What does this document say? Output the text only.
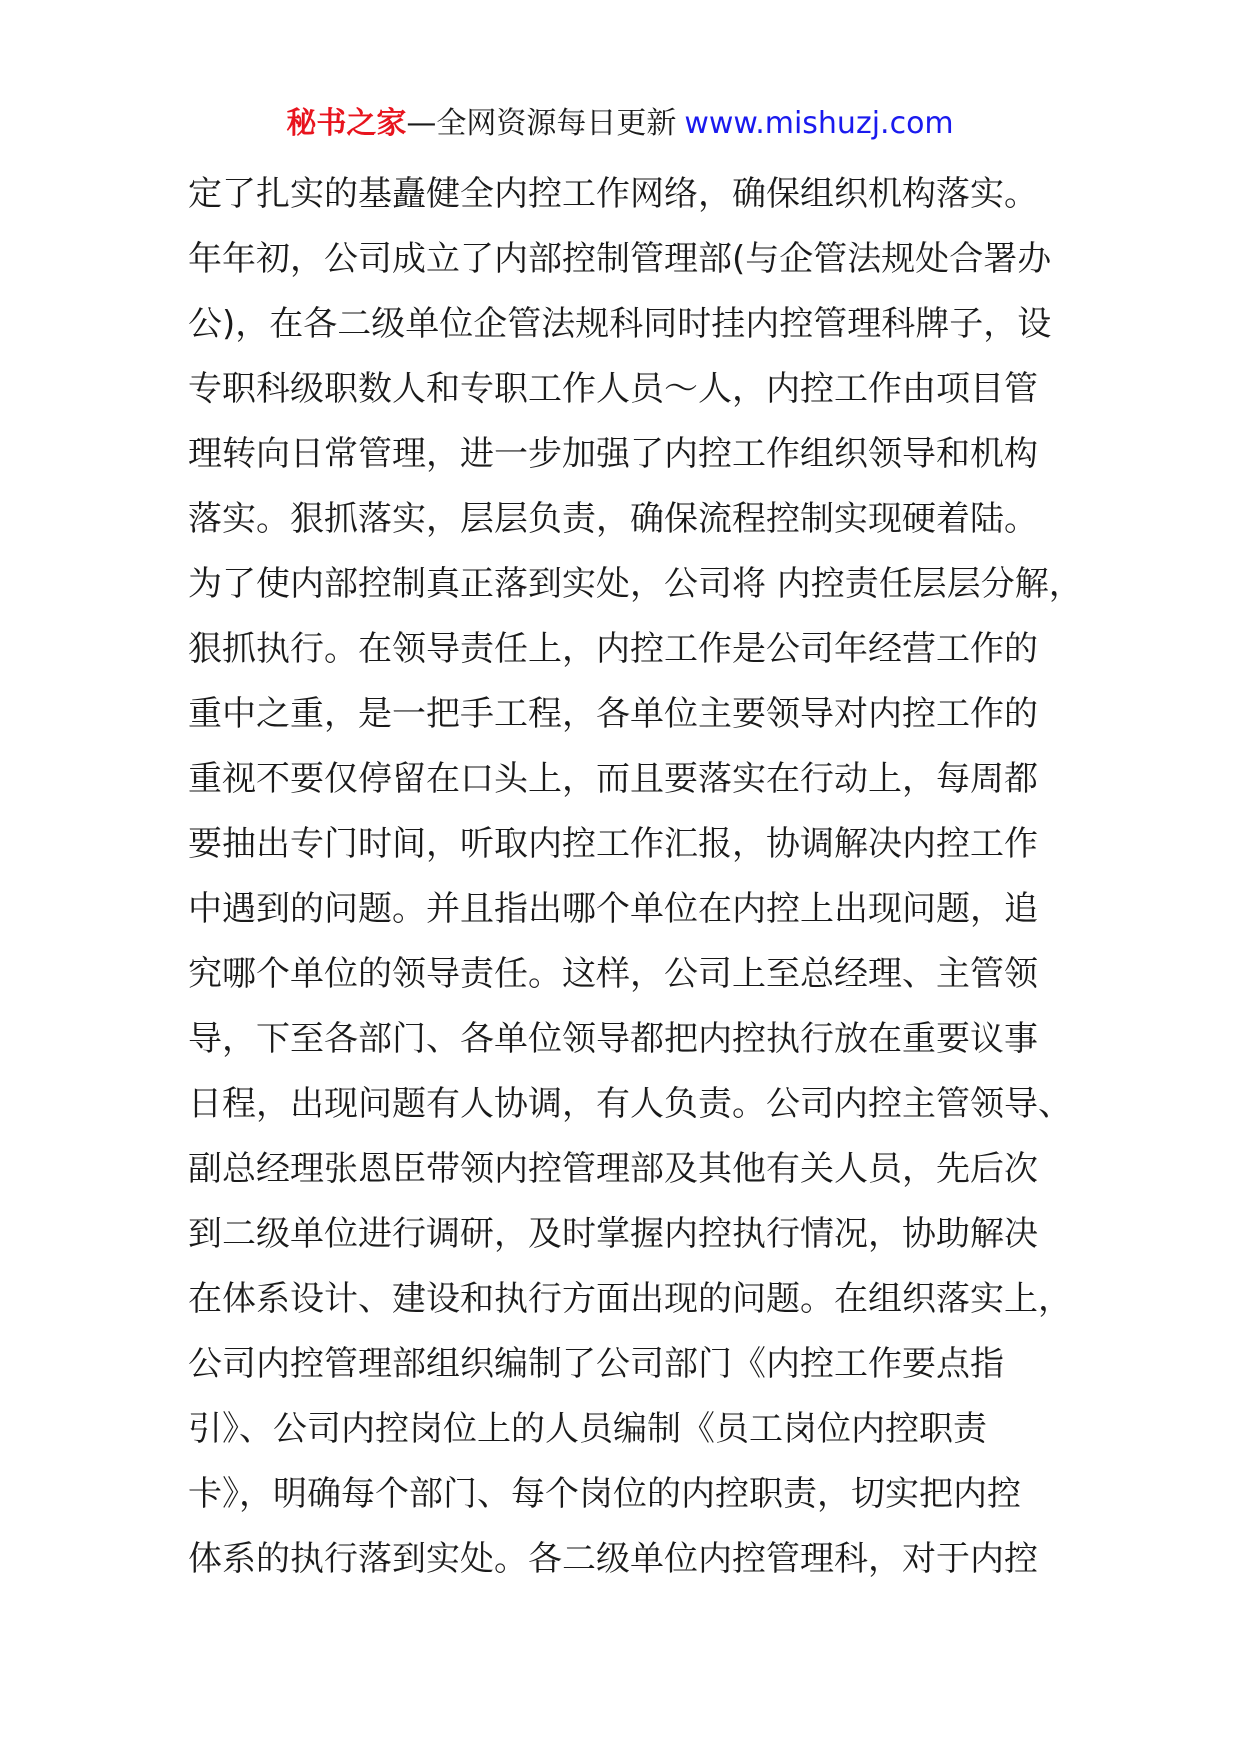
秘书之家—全网资源每日更新 www.mishuzj.com
定了扎实的基矗健全内控工作网络，确保组织机构落实。
年年初，公司成立了内部控制管理部(与企管法规处合署办
公)，在各二级单位企管法规科同时挂内控管理科牌子，设
专职科级职数人和专职工作人员～人，内控工作由项目管
理转向日常管理，进一步加强了内控工作组织领导和机构
落实。狠抓落实，层层负责，确保流程控制实现硬着陆。
为了使内部控制真正落到实处，公司将 内控责任层层分解，
狠抓执行。在领导责任上，内控工作是公司年经营工作的
重中之重，是一把手工程，各单位主要领导对内控工作的
重视不要仅停留在口头上，而且要落实在行动上，每周都
要抽出专门时间，听取内控工作汇报，协调解决内控工作
中遇到的问题。并且指出哪个单位在内控上出现问题，追
究哪个单位的领导责任。这样，公司上至总经理、主管领
导，下至各部门、各单位领导都把内控执行放在重要议事
日程，出现问题有人协调，有人负责。公司内控主管领导、
副总经理张恩臣带领内控管理部及其他有关人员，先后次
到二级单位进行调研，及时掌握内控执行情况，协助解决
在体系设计、建设和执行方面出现的问题。在组织落实上，
公司内控管理部组织编制了公司部门《内控工作要点指
引》、公司内控岗位上的人员编制《员工岗位内控职责
卡》，明确每个部门、每个岗位的内控职责，切实把内控
体系的执行落到实处。各二级单位内控管理科，对于内控
